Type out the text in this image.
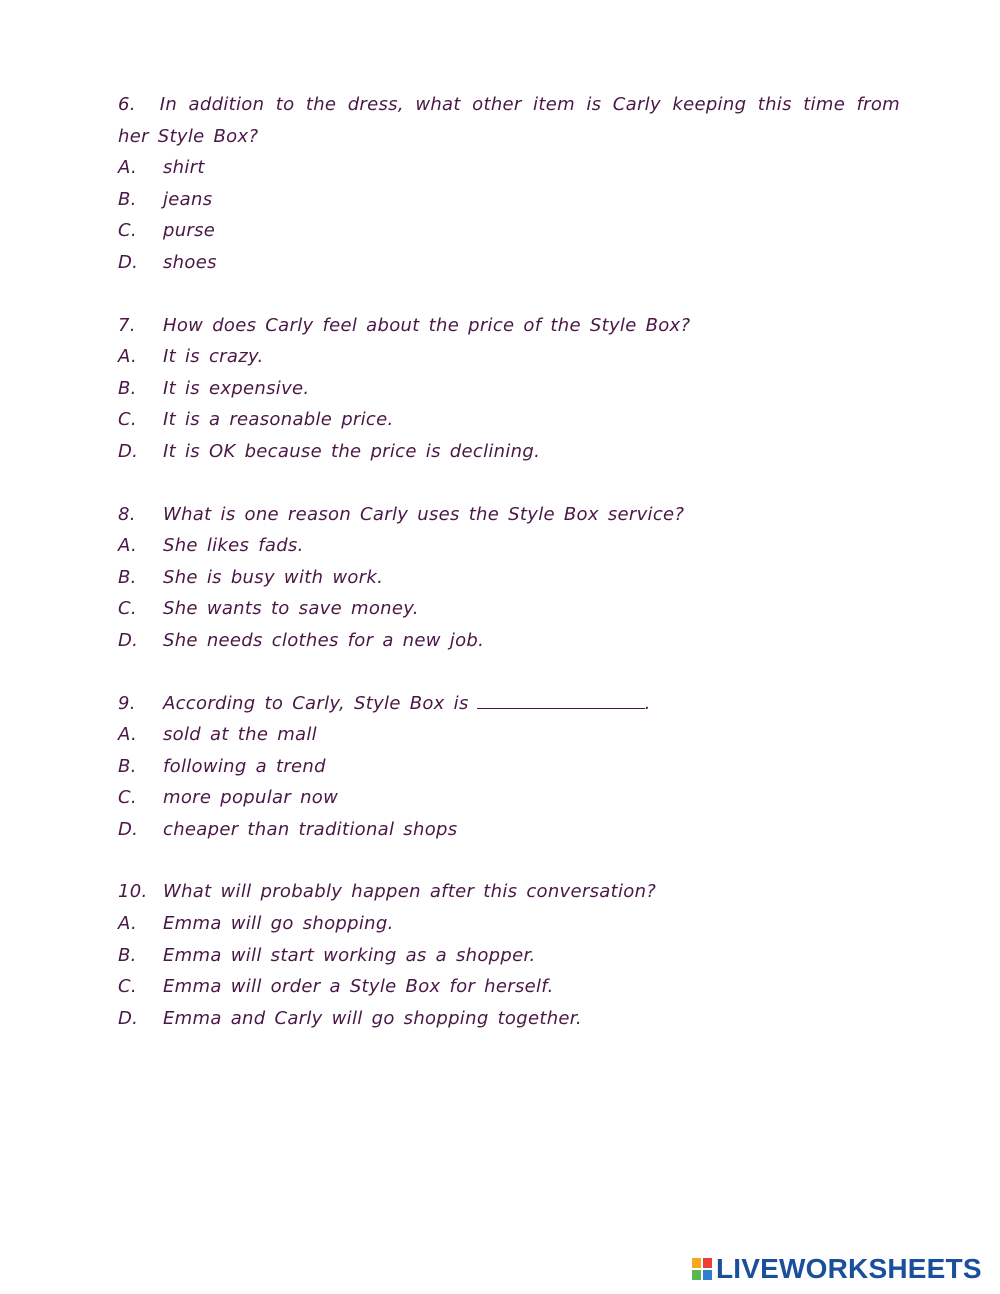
6. In addition to the dress, what other item is Carly keeping this time from her Style Box?
A.	shirt
B.	jeans
C.	purse
D.	shoes
7.	How does Carly feel about the price of the Style Box?
A.	It is crazy.
B.	It is expensive.
C.	It is a reasonable price.
D.	It is OK because the price is declining.
8.	What is one reason Carly uses the Style Box service?
A.	She likes fads.
B.	She is busy with work.
C.	She wants to save money.
D.	She needs clothes for a new job.
9.	According to Carly, Style Box is	.
A.	sold at the mall
B.	following a trend
C.	more popular now
D.	cheaper than traditional shops
10. What will probably happen after this conversation?
A.	Emma will go shopping.
B.	Emma will start working as a shopper.
C.	Emma will order a Style Box for herself.
D.	Emma and Carly will go shopping together.
LIVEWORKSHEETS
